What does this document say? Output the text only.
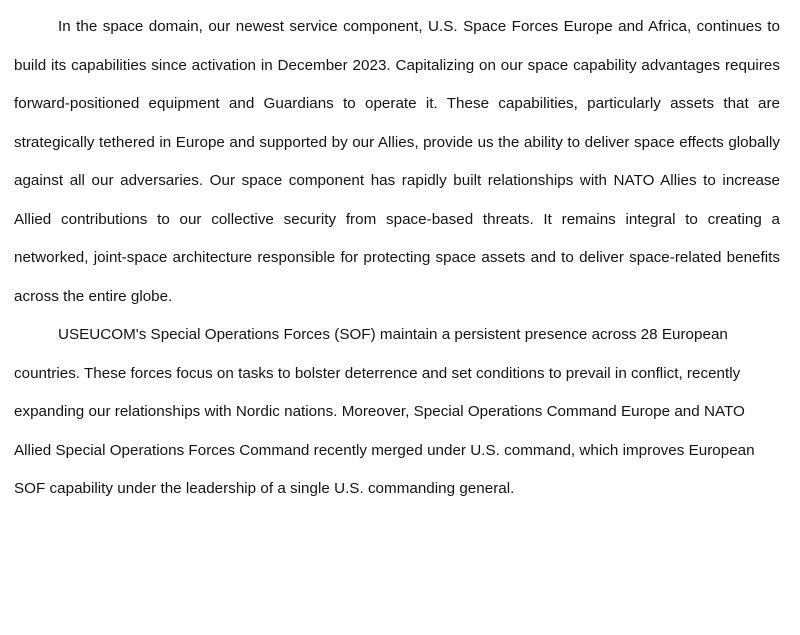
In the space domain, our newest service component, U.S. Space Forces Europe and Africa, continues to build its capabilities since activation in December 2023. Capitalizing on our space capability advantages requires forward-positioned equipment and Guardians to operate it. These capabilities, particularly assets that are strategically tethered in Europe and supported by our Allies, provide us the ability to deliver space effects globally against all our adversaries. Our space component has rapidly built relationships with NATO Allies to increase Allied contributions to our collective security from space-based threats. It remains integral to creating a networked, joint-space architecture responsible for protecting space assets and to deliver space-related benefits across the entire globe.

USEUCOM's Special Operations Forces (SOF) maintain a persistent presence across 28 European countries. These forces focus on tasks to bolster deterrence and set conditions to prevail in conflict, recently expanding our relationships with Nordic nations. Moreover, Special Operations Command Europe and NATO Allied Special Operations Forces Command recently merged under U.S. command, which improves European SOF capability under the leadership of a single U.S. commanding general.
